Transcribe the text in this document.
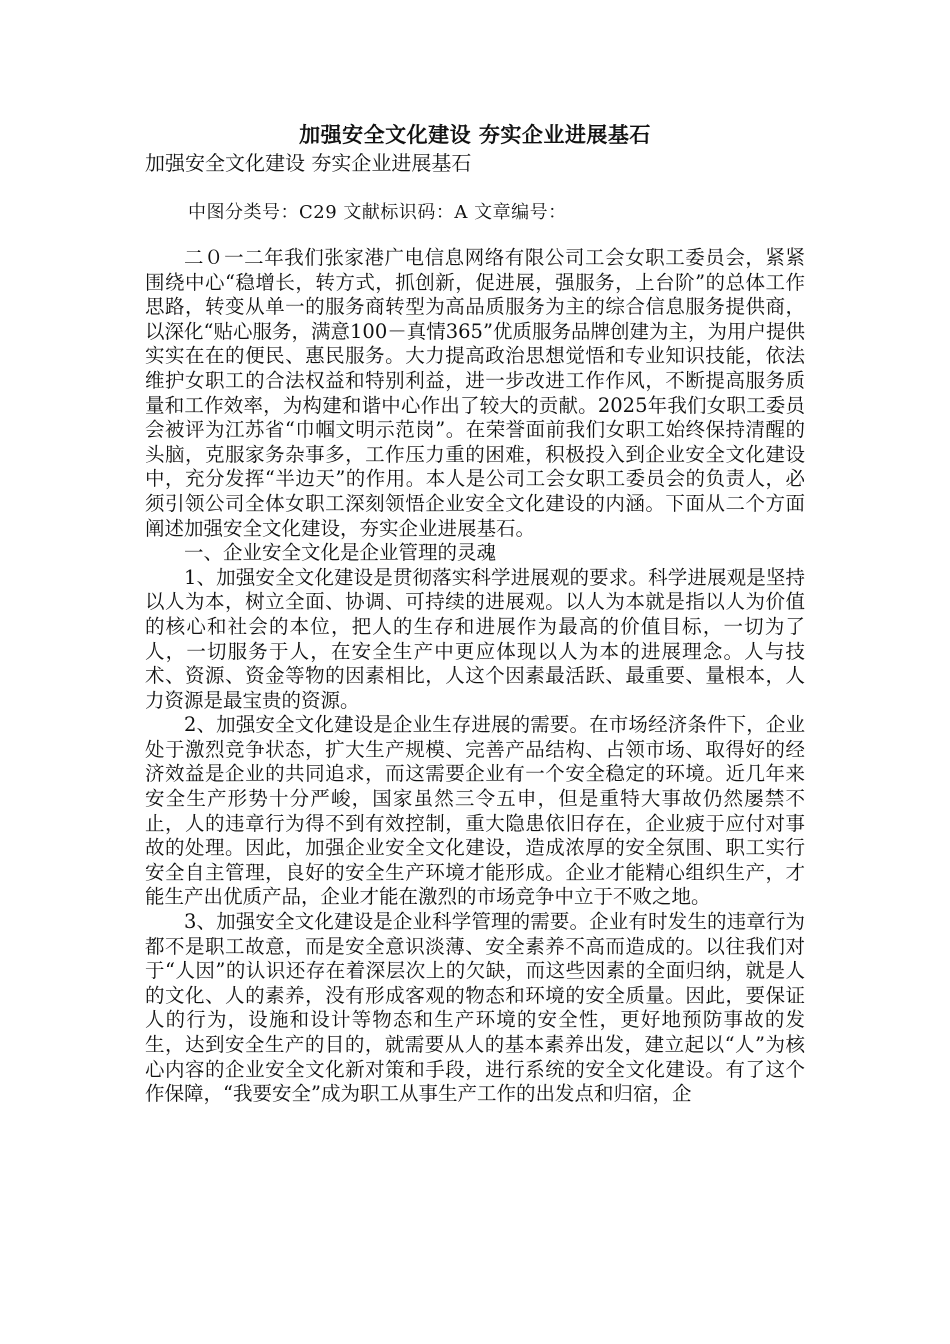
加强安全文化建设 夯实企业进展基石
加强安全文化建设 夯实企业进展基石
中图分类号：C29 文献标识码：A 文章编号：

二０一二年我们张家港广电信息网络有限公司工会女职工委员会，紧紧围绕中心“稳增长，转方式，抓创新，促进展，强服务，上台阶”的总体工作思路，转变从单一的服务商转型为高品质服务为主的综合信息服务提供商，以深化“贴心服务，满意100－真情365”优质服务品牌创建为主，为用户提供实实在在的便民、惠民服务。大力提高政治思想觉悟和专业知识技能，依法维护女职工的合法权益和特别利益，进一步改进工作作风，不断提高服务质量和工作效率，为构建和谐中心作出了较大的贡献。2025年我们女职工委员会被评为江苏省“巾帼文明示范岗”。在荣誉面前我们女职工始终保持清醒的头脑，克服家务杂事多，工作压力重的困难，积极投入到企业安全文化建设中，充分发挥“半边天”的作用。本人是公司工会女职工委员会的负责人，必须引领公司全体女职工深刻领悟企业安全文化建设的内涵。下面从二个方面阐述加强安全文化建设，夯实企业进展基石。

一、企业安全文化是企业管理的灵魂

1、加强安全文化建设是贯彻落实科学进展观的要求。科学进展观是坚持以人为本，树立全面、协调、可持续的进展观。以人为本就是指以人为价值的核心和社会的本位，把人的生存和进展作为最高的价值目标，一切为了人，一切服务于人，在安全生产中更应体现以人为本的进展理念。人与技术、资源、资金等物的因素相比，人这个因素最活跃、最重要、量根本，人力资源是最宝贵的资源。

2、加强安全文化建设是企业生存进展的需要。在市场经济条件下，企业处于激烈竞争状态，扩大生产规模、完善产品结构、占领市场、取得好的经济效益是企业的共同追求，而这需要企业有一个安全稳定的环境。近几年来安全生产形势十分严峻，国家虽然三令五申，但是重特大事故仍然屡禁不止，人的违章行为得不到有效控制，重大隐患依旧存在，企业疲于应付对事故的处理。因此，加强企业安全文化建设，造成浓厚的安全氛围、职工实行安全自主管理，良好的安全生产环境才能形成。企业才能精心组织生产，才能生产出优质产品，企业才能在激烈的市场竞争中立于不败之地。

3、加强安全文化建设是企业科学管理的需要。企业有时发生的违章行为都不是职工故意，而是安全意识淡薄、安全素养不高而造成的。以往我们对于“人因”的认识还存在着深层次上的欠缺，而这些因素的全面归纳，就是人的文化、人的素养，没有形成客观的物态和环境的安全质量。因此，要保证人的行为，设施和设计等物态和生产环境的安全性，更好地预防事故的发生，达到安全生产的目的，就需要从人的基本素养出发，建立起以“人”为核心内容的企业安全文化新对策和手段，进行系统的安全文化建设。有了这个作保障，“我要安全”成为职工从事生产工作的出发点和归宿，企
